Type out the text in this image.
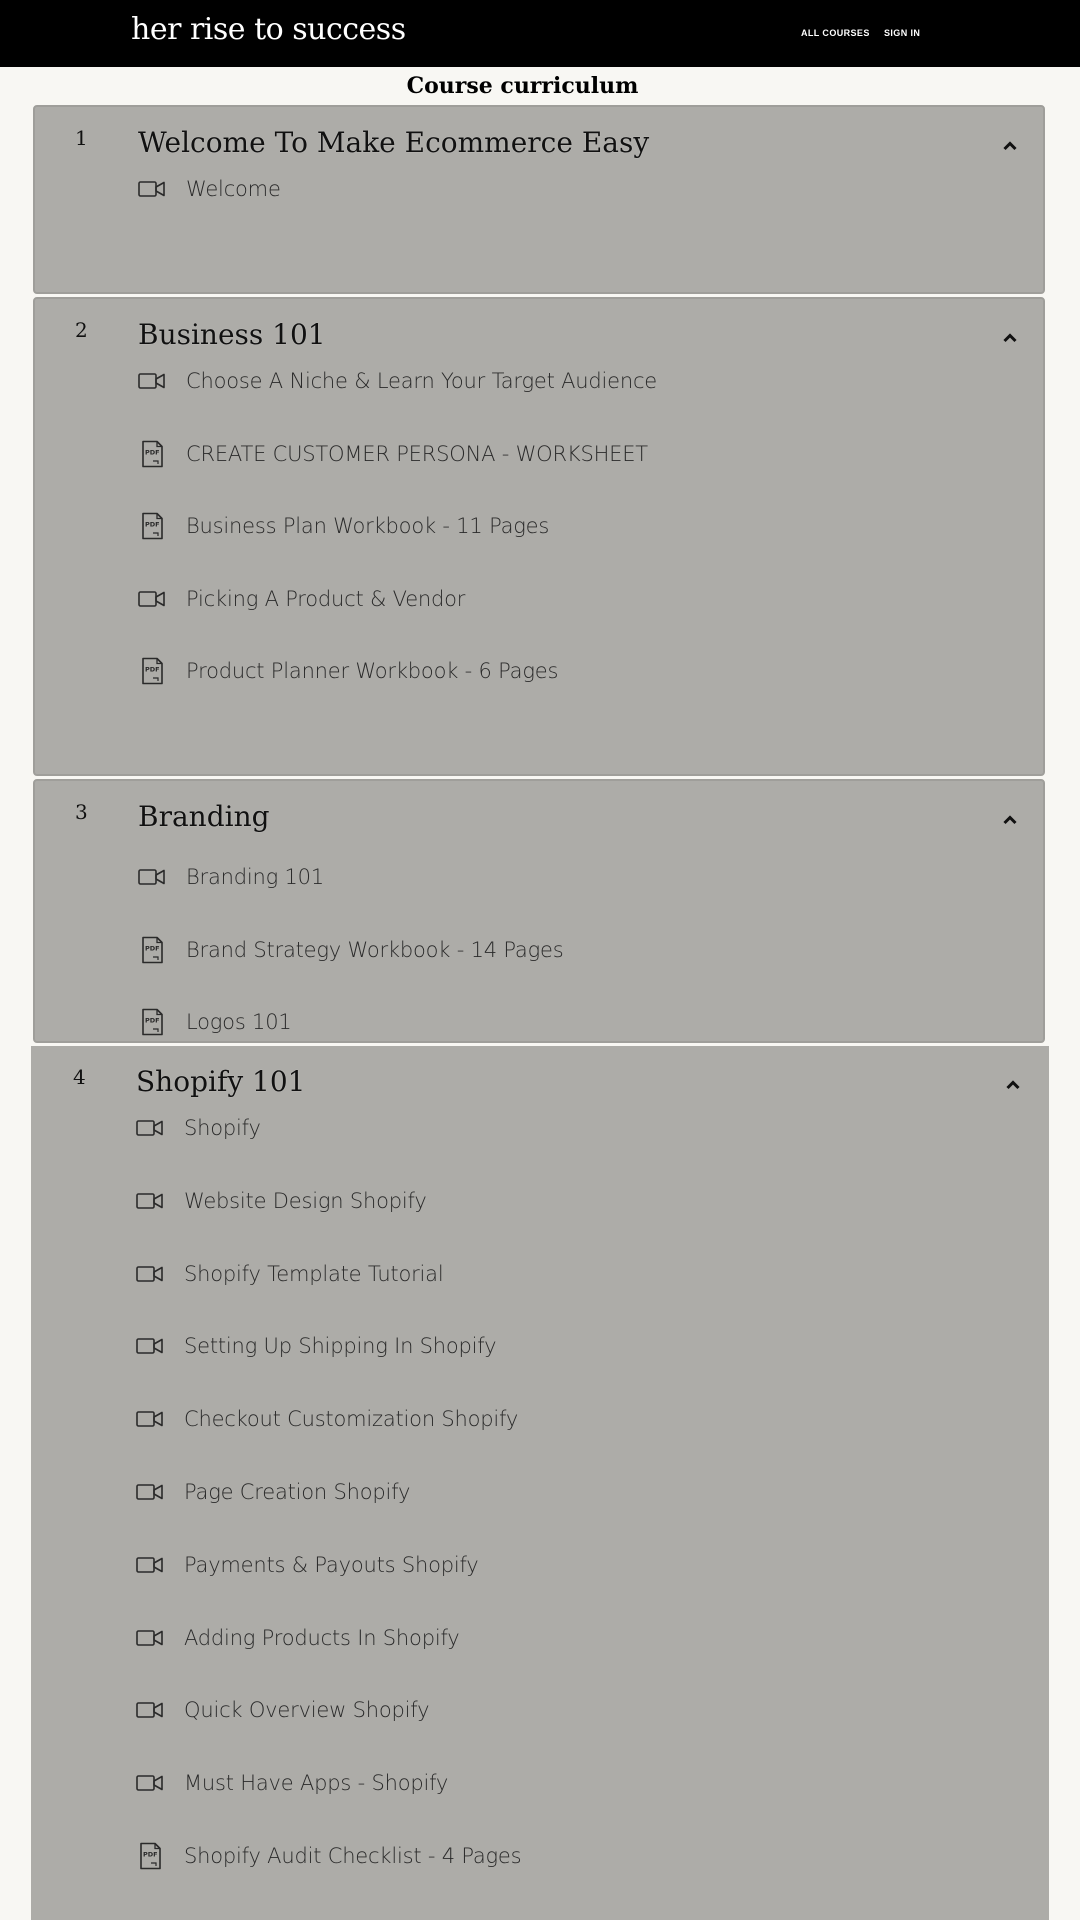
her rise to success	ALL COURSES SIGN IN
Course curriculum
1 Welcome To Make Ecommerce Easy
Welcome
2 Business 101
Choose A Niche & Learn Your Target Audience
PDF CREATE CUSTOMER PERSONA - WORKSHEET
PDF Business Plan Workbook - 11 Pages
Picking A Product & Vendor
PDF Product Planner Workbook - 6 Pages
3 Branding
Branding 101
PDF Brand Strategy Workbook - 14 Pages
PDF Logos 101
4 Shopify 101
Shopify
Website Design Shopify
Shopify Template Tutorial
Setting Up Shipping In Shopify
Checkout Customization Shopify
Page Creation Shopify
Payments & Payouts Shopify
Adding Products In Shopify
Quick Overview Shopify
Must Have Apps - Shopify
PDF Shopify Audit Checklist - 4 Pages
